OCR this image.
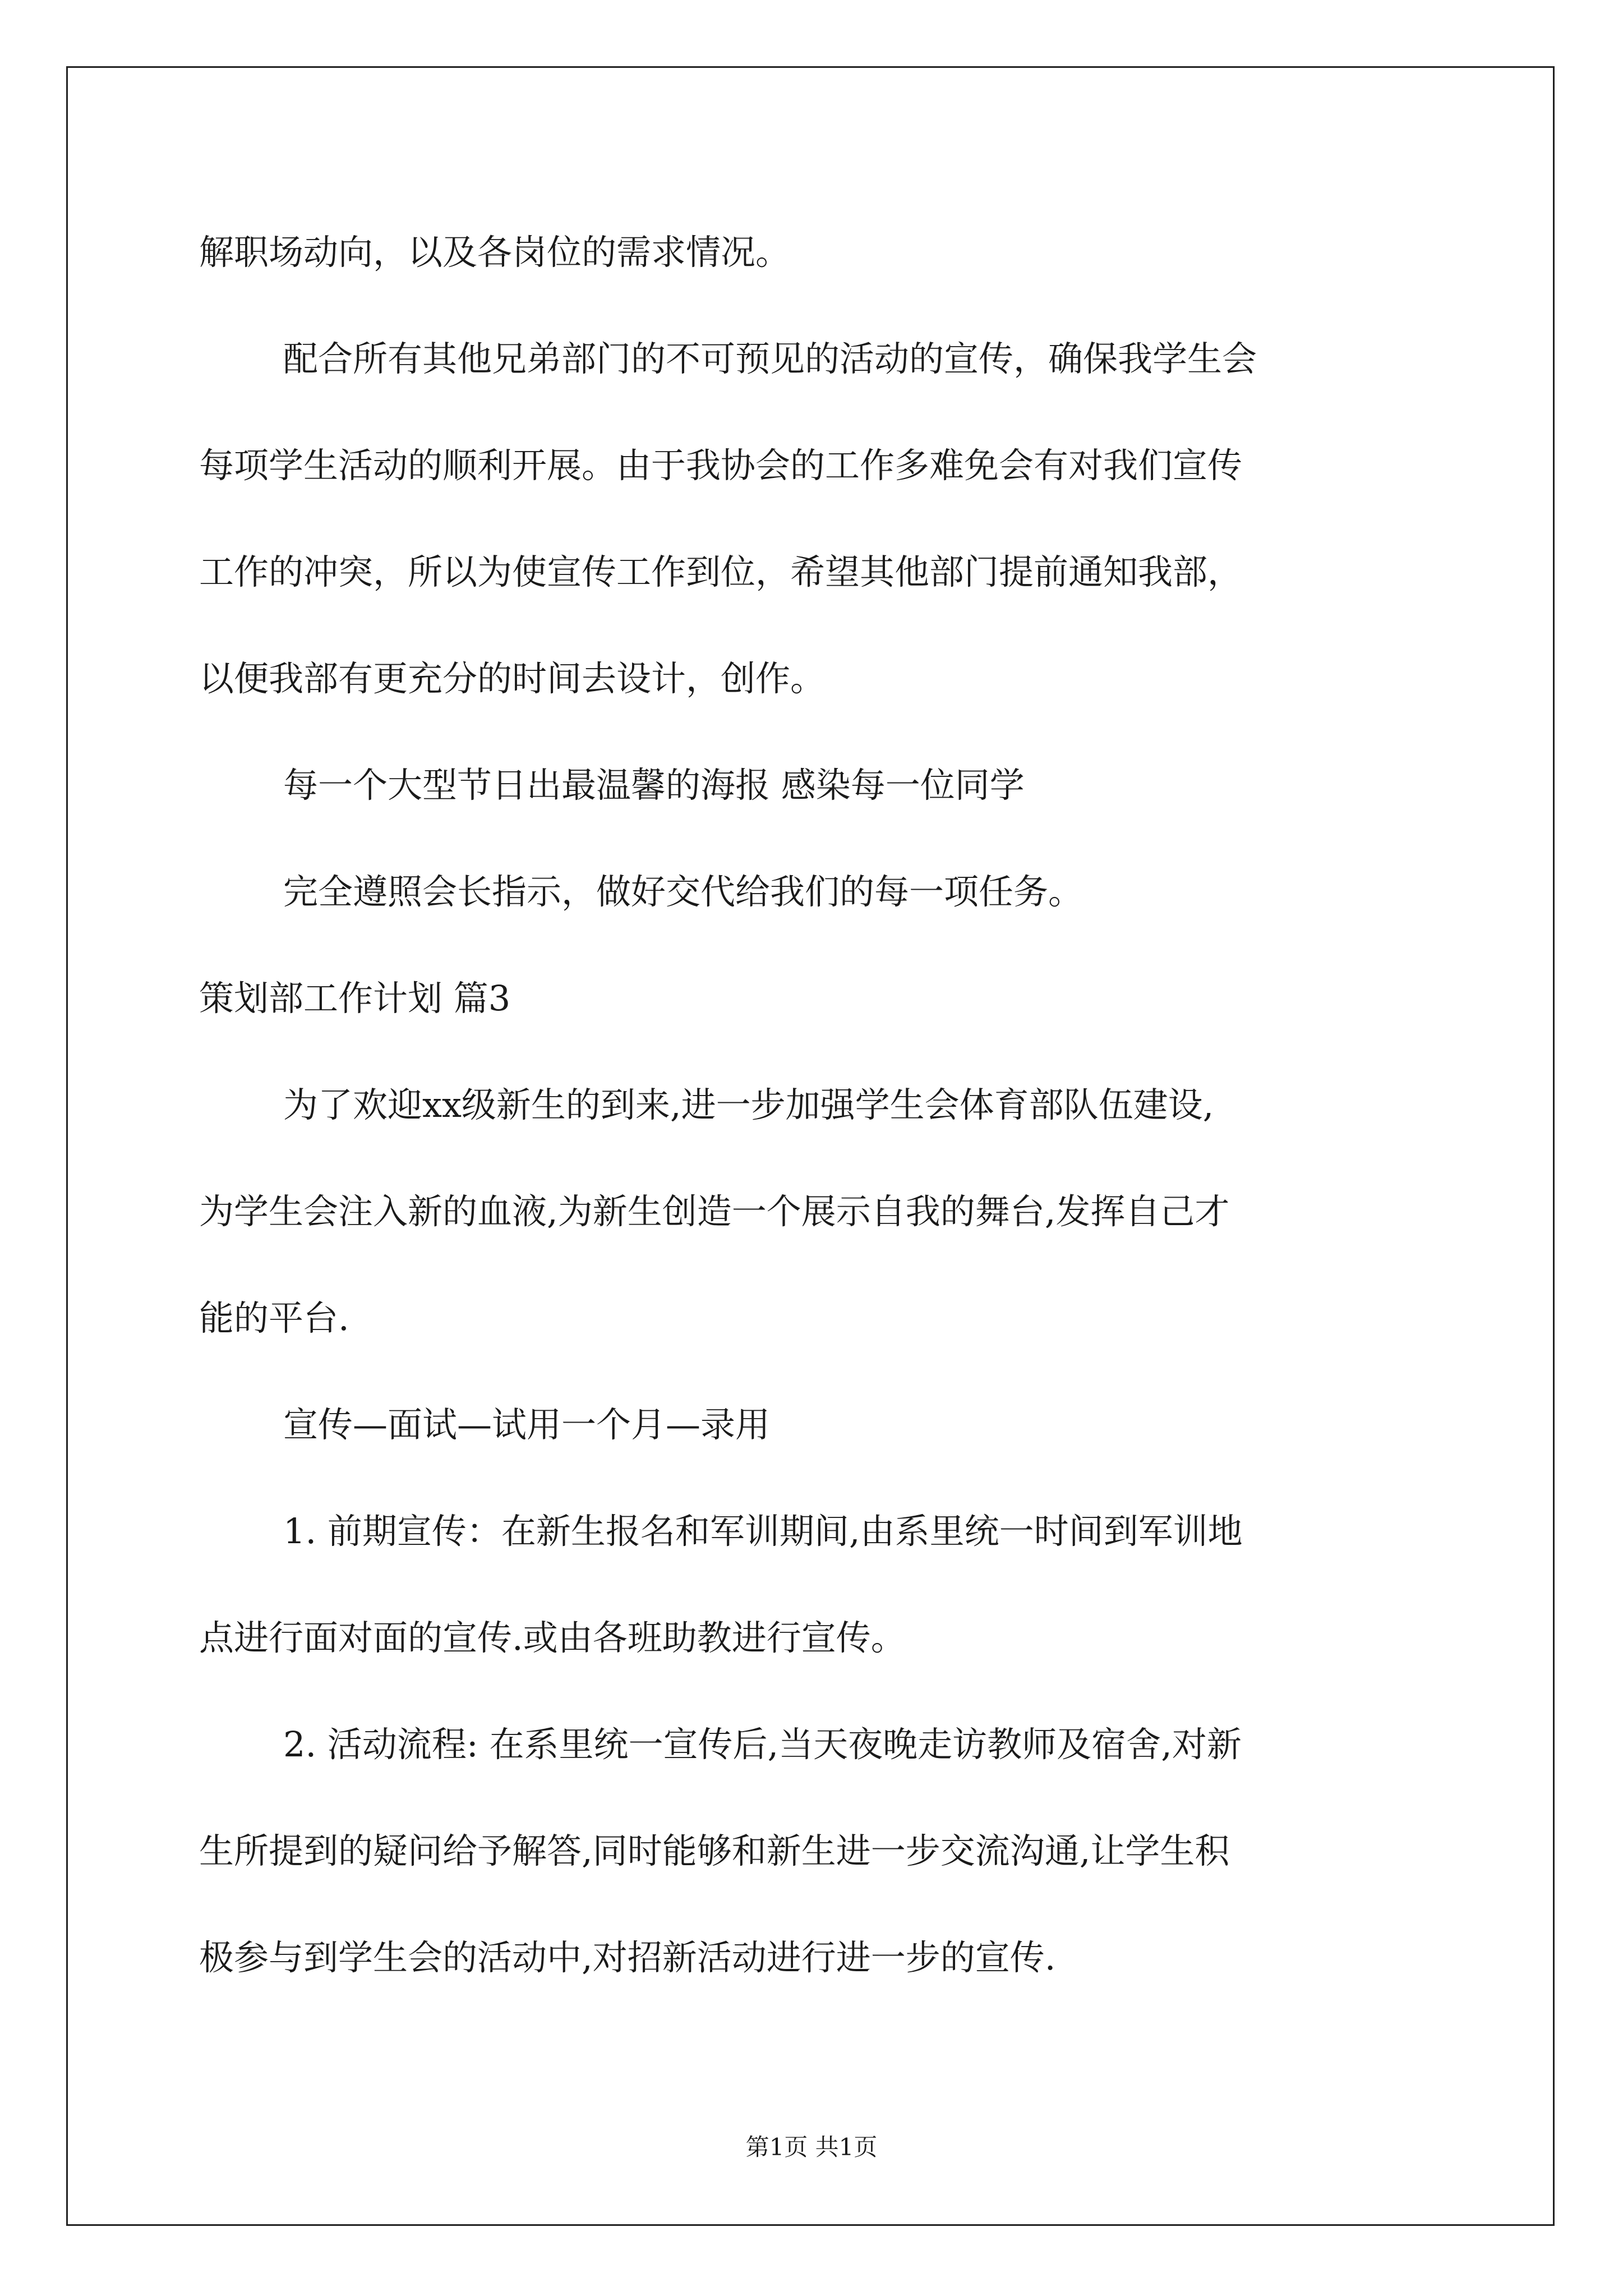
解职场动向，以及各岗位的需求情况。
配合所有其他兄弟部门的不可预见的活动的宣传，确保我学生会
每项学生活动的顺利开展。由于我协会的工作多难免会有对我们宣传
工作的冲突，所以为使宣传工作到位，希望其他部门提前通知我部，
以便我部有更充分的时间去设计，创作。
每一个大型节日出最温馨的海报 感染每一位同学
完全遵照会长指示，做好交代给我们的每一项任务。
策划部工作计划 篇3
为了欢迎xx级新生的到来,进一步加强学生会体育部队伍建设,
为学生会注入新的血液,为新生创造一个展示自我的舞台,发挥自己才
能的平台.
宣传—面试—试用一个月—录用
1. 前期宣传：在新生报名和军训期间,由系里统一时间到军训地
点进行面对面的宣传.或由各班助教进行宣传。
2. 活动流程: 在系里统一宣传后,当天夜晚走访教师及宿舍,对新
生所提到的疑问给予解答,同时能够和新生进一步交流沟通,让学生积
极参与到学生会的活动中,对招新活动进行进一步的宣传.
第1页 共1页
